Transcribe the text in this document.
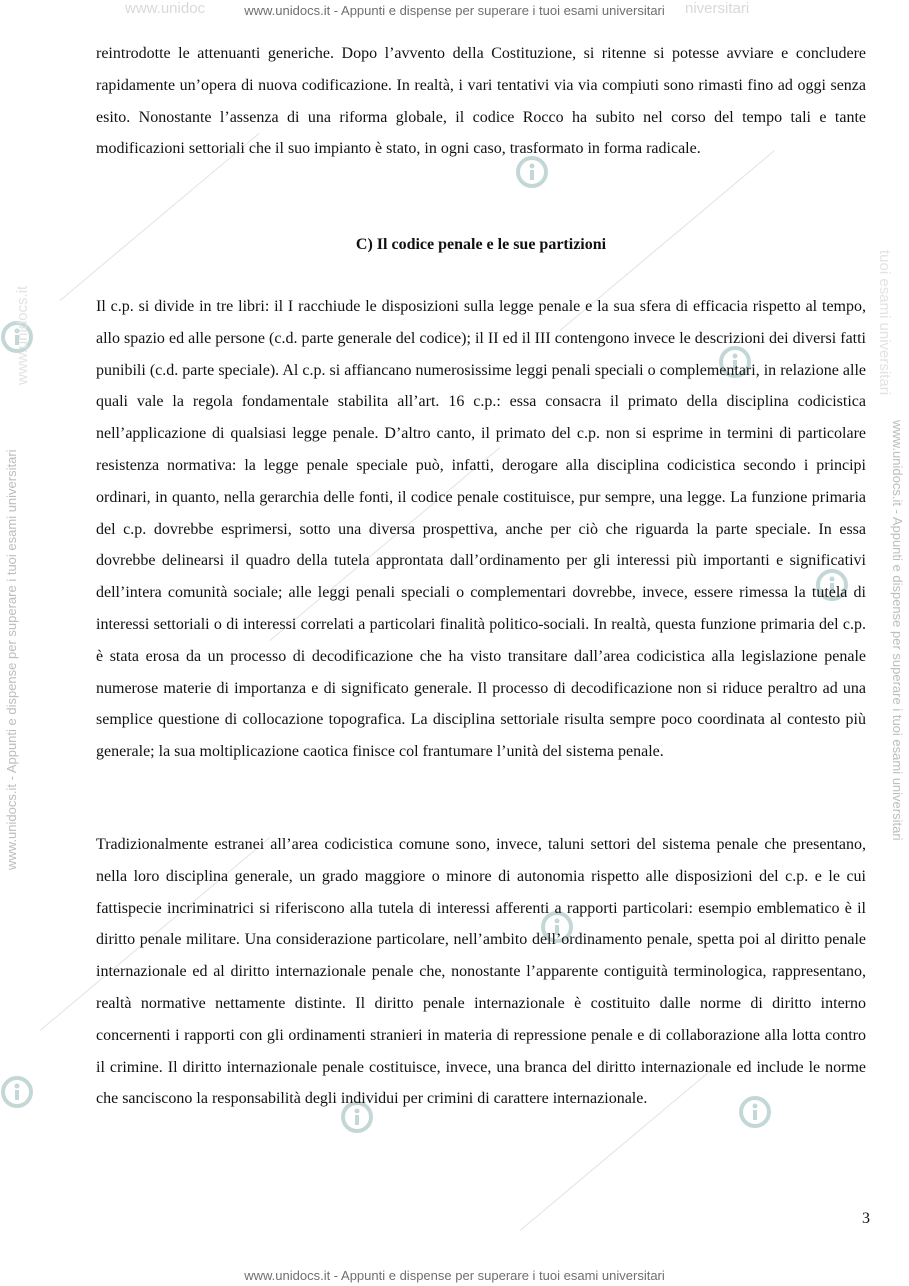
www.unidoc	niversitari
www.unidocs.it - Appunti e dispense per superare i tuoi esami universitari
www.unidocs.it - Appunti e dispense per superare i tuoi esami universitari
www.unidocs.it - Appunti e dispense per superare i tuoi esami universitari	www.unidocs.it - Appunti e dispense per superare i tuoi esami universitari
www.unidocs.it	tuoi esami universitari

reintrodotte le attenuanti generiche. Dopo l’avvento della Costituzione, si ritenne si potesse avviare e concludere rapidamente un’opera di nuova codificazione. In realtà, i vari tentativi via via compiuti sono rimasti fino ad oggi senza esito. Nonostante l’assenza di una riforma globale, il codice Rocco ha subito nel corso del tempo tali e tante modificazioni settoriali che il suo impianto è stato, in ogni caso, trasformato in forma radicale.

C) Il codice penale e le sue partizioni

Il c.p. si divide in tre libri: il I racchiude le disposizioni sulla legge penale e la sua sfera di efficacia rispetto al tempo, allo spazio ed alle persone (c.d. parte generale del codice); il II ed il III contengono invece le descrizioni dei diversi fatti punibili (c.d. parte speciale). Al c.p. si affiancano numerosissime leggi penali speciali o complementari, in relazione alle quali vale la regola fondamentale stabilita all’art. 16 c.p.: essa consacra il primato della disciplina codicistica nell’applicazione di qualsiasi legge penale. D’altro canto, il primato del c.p. non si esprime in termini di particolare resistenza normativa: la legge penale speciale può, infatti, derogare alla disciplina codicistica secondo i principi ordinari, in quanto, nella gerarchia delle fonti, il codice penale costituisce, pur sempre, una legge. La funzione primaria del c.p. dovrebbe esprimersi, sotto una diversa prospettiva, anche per ciò che riguarda la parte speciale. In essa dovrebbe delinearsi il quadro della tutela approntata dall’ordinamento per gli interessi più importanti e significativi dell’intera comunità sociale; alle leggi penali speciali o complementari dovrebbe, invece, essere rimessa la tutela di interessi settoriali o di interessi correlati a particolari finalità politico-sociali. In realtà, questa funzione primaria del c.p. è stata erosa da un processo di decodificazione che ha visto transitare dall’area codicistica alla legislazione penale numerose materie di importanza e di significato generale. Il processo di decodificazione non si riduce peraltro ad una semplice questione di collocazione topografica. La disciplina settoriale risulta sempre poco coordinata al contesto più generale; la sua moltiplicazione caotica finisce col frantumare l’unità del sistema penale.

Tradizionalmente estranei all’area codicistica comune sono, invece, taluni settori del sistema penale che presentano, nella loro disciplina generale, un grado maggiore o minore di autonomia rispetto alle disposizioni del c.p. e le cui fattispecie incriminatrici si riferiscono alla tutela di interessi afferenti a rapporti particolari: esempio emblematico è il diritto penale militare. Una considerazione particolare, nell’ambito dell’ordinamento penale, spetta poi al diritto penale internazionale ed al diritto internazionale penale che, nonostante l’apparente contiguità terminologica, rappresentano, realtà normative nettamente distinte. Il diritto penale internazionale è costituito dalle norme di diritto interno concernenti i rapporti con gli ordinamenti stranieri in materia di repressione penale e di collaborazione alla lotta contro il crimine. Il diritto internazionale penale costituisce, invece, una branca del diritto internazionale ed include le norme che sanciscono la responsabilità degli individui per crimini di carattere internazionale.

3
